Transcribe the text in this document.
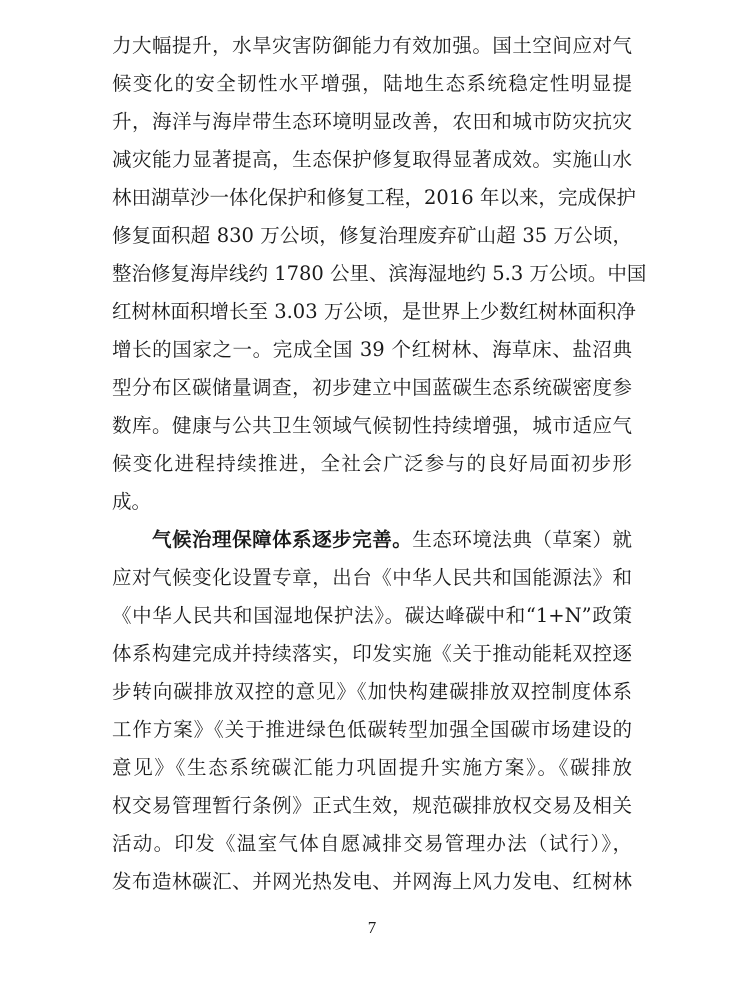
力大幅提升，水旱灾害防御能力有效加强。国土空间应对气
候变化的安全韧性水平增强，陆地生态系统稳定性明显提
升，海洋与海岸带生态环境明显改善，农田和城市防灾抗灾
减灾能力显著提高，生态保护修复取得显著成效。实施山水
林田湖草沙一体化保护和修复工程，2016 年以来，完成保护
修复面积超 830 万公顷，修复治理废弃矿山超 35 万公顷，
整治修复海岸线约 1780 公里、滨海湿地约 5.3 万公顷。中国
红树林面积增长至 3.03 万公顷，是世界上少数红树林面积净
增长的国家之一。完成全国 39 个红树林、海草床、盐沼典
型分布区碳储量调查，初步建立中国蓝碳生态系统碳密度参
数库。健康与公共卫生领域气候韧性持续增强，城市适应气
候变化进程持续推进，全社会广泛参与的良好局面初步形
成。
气候治理保障体系逐步完善。生态环境法典（草案）就
应对气候变化设置专章，出台《中华人民共和国能源法》和
《中华人民共和国湿地保护法》。碳达峰碳中和“1+N”政策
体系构建完成并持续落实，印发实施《关于推动能耗双控逐
步转向碳排放双控的意见》《加快构建碳排放双控制度体系
工作方案》《关于推进绿色低碳转型加强全国碳市场建设的
意见》《生态系统碳汇能力巩固提升实施方案》。《碳排放
权交易管理暂行条例》正式生效，规范碳排放权交易及相关
活动。印发《温室气体自愿减排交易管理办法（试行）》，
发布造林碳汇、并网光热发电、并网海上风力发电、红树林
7
